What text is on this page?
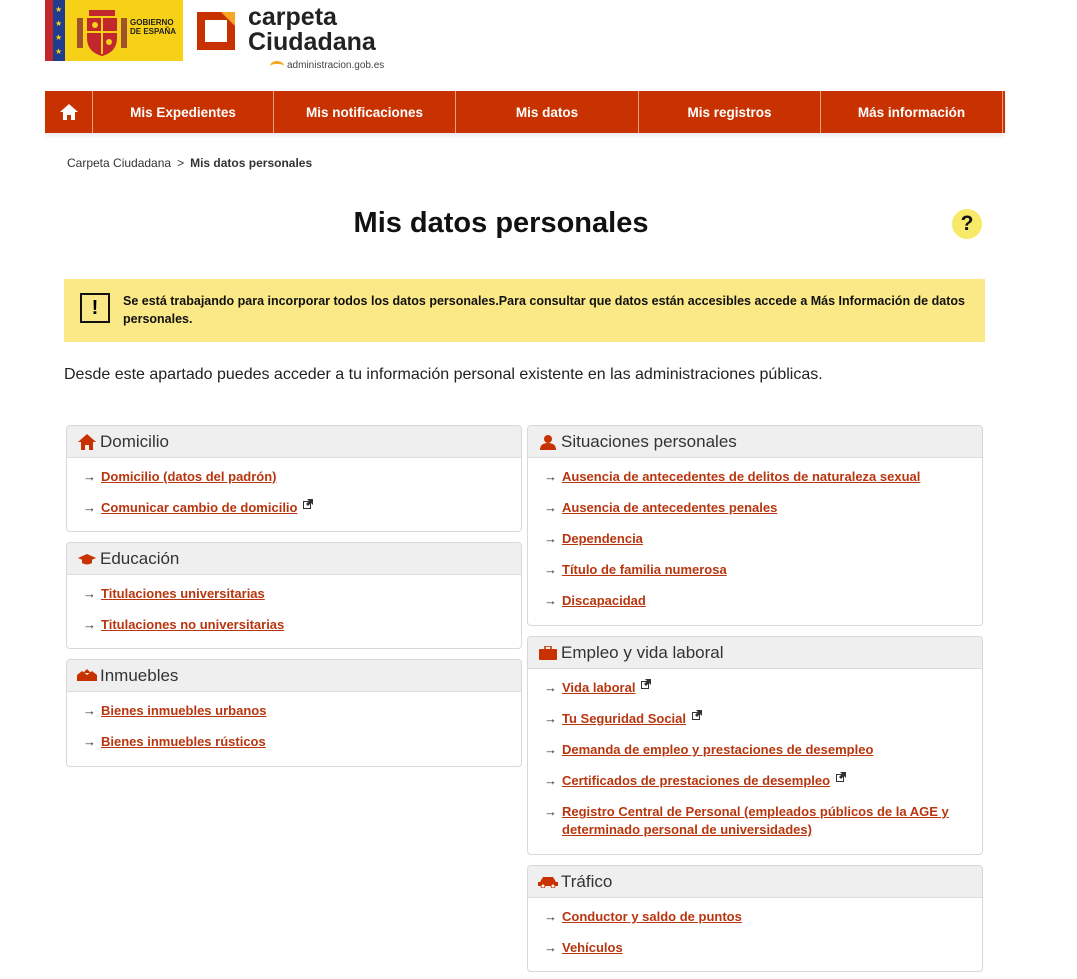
★
★
★
★
GOBIERNO DE ESPAÑA
carpeta
Ciudadana
administracion.gob.es
Mis Expedientes	Mis notificaciones	Mis datos	Mis registros	Más información
Carpeta Ciudadana > Mis datos personales
Mis datos personales	?
!	Se está trabajando para incorporar todos los datos personales.Para consultar que datos están accesibles accede a Más Información de datos personales.
Desde este apartado puedes acceder a tu información personal existente en las administraciones públicas.
Domicilio
→ Domicilio (datos del padrón)
→ Comunicar cambio de domicilio
Educación
→ Titulaciones universitarias
→ Titulaciones no universitarias
Inmuebles
→ Bienes inmuebles urbanos
→ Bienes inmuebles rústicos
Situaciones personales
→ Ausencia de antecedentes de delitos de naturaleza sexual
→ Ausencia de antecedentes penales
→ Dependencia
→ Título de familia numerosa
→ Discapacidad
Empleo y vida laboral
→ Vida laboral
→ Tu Seguridad Social
→ Demanda de empleo y prestaciones de desempleo
→ Certificados de prestaciones de desempleo
→ Registro Central de Personal (empleados públicos de la AGE y determinado personal de universidades)
Tráfico
→ Conductor y saldo de puntos
→ Vehículos
